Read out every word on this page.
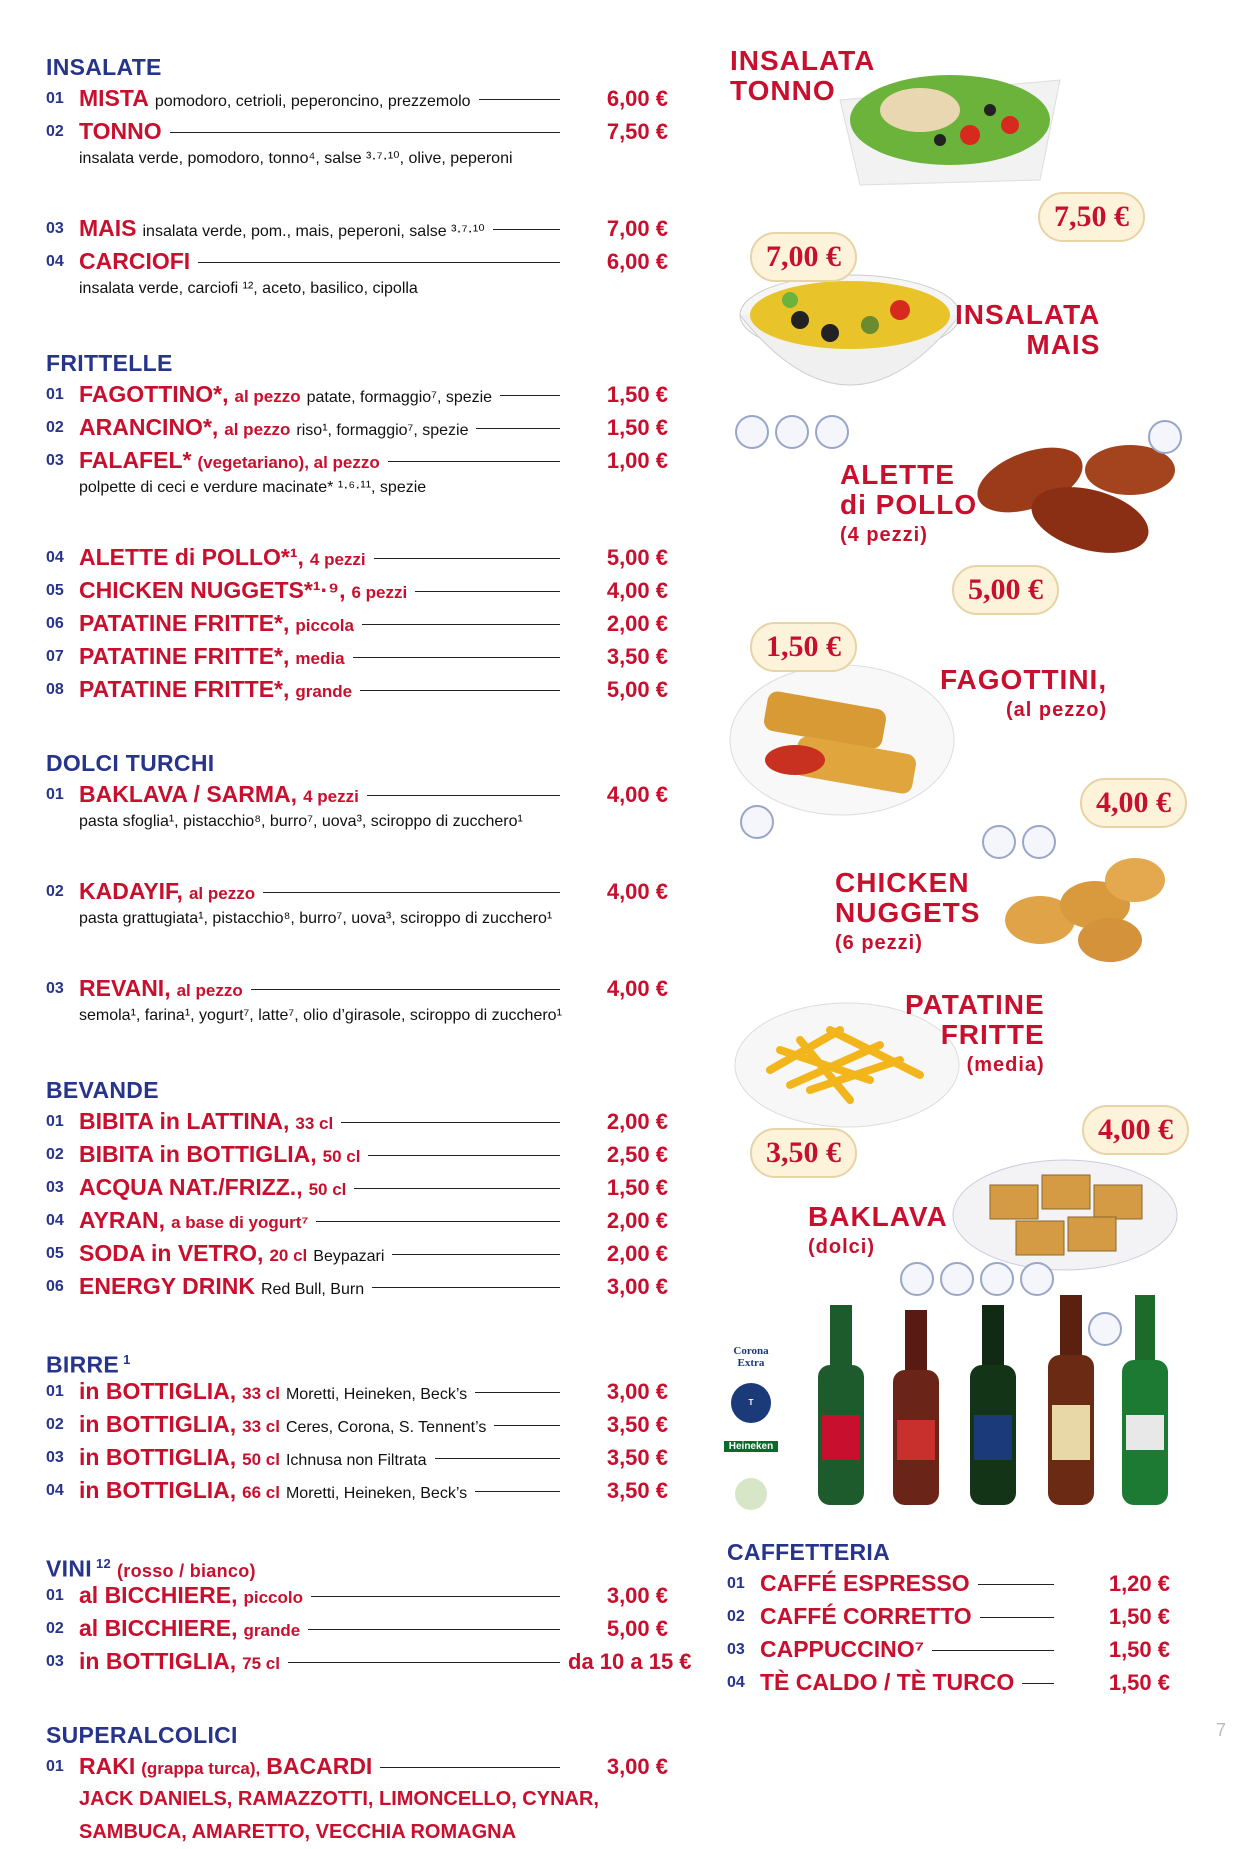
INSALATE
01 MISTA pomodoro, cetrioli, peperoncino, prezzemolo	6,00 €
02 TONNO	7,50 €
insalata verde, pomodoro, tonno⁴, salse ³·⁷·¹⁰, olive, peperoni
03 MAIS insalata verde, pom., mais, peperoni, salse ³·⁷·¹⁰	7,00 €
04 CARCIOFI	6,00 €
insalata verde, carciofi ¹², aceto, basilico, cipolla
FRITTELLE
01 FAGOTTINO*, al pezzo patate, formaggio⁷, spezie	1,50 €
02 ARANCINO*, al pezzo riso¹, formaggio⁷, spezie	1,50 €
03 FALAFEL* (vegetariano), al pezzo	1,00 €
polpette di ceci e verdure macinate* ¹·⁶·¹¹, spezie
04 ALETTE di POLLO*¹, 4 pezzi	5,00 €
05 CHICKEN NUGGETS*¹·⁹, 6 pezzi	4,00 €
06 PATATINE FRITTE*, piccola	2,00 €
07 PATATINE FRITTE*, media	3,50 €
08 PATATINE FRITTE*, grande	5,00 €
DOLCI TURCHI
01 BAKLAVA / SARMA, 4 pezzi	4,00 €
pasta sfoglia¹, pistacchio⁸, burro⁷, uova³, sciroppo di zucchero¹
02 KADAYIF, al pezzo	4,00 €
pasta grattugiata¹, pistacchio⁸, burro⁷, uova³, sciroppo di zucchero¹
03 REVANI, al pezzo	4,00 €
semola¹, farina¹, yogurt⁷, latte⁷, olio d’girasole, sciroppo di zucchero¹
BEVANDE
01 BIBITA in LATTINA, 33 cl	2,00 €
02 BIBITA in BOTTIGLIA, 50 cl	2,50 €
03 ACQUA NAT./FRIZZ., 50 cl	1,50 €
04 AYRAN, a base di yogurt⁷	2,00 €
05 SODA in VETRO, 20 cl Beypazari	2,00 €
06 ENERGY DRINK Red Bull, Burn	3,00 €
BIRRE $^1$
01 in BOTTIGLIA, 33 cl Moretti, Heineken, Beck’s	3,00 €
02 in BOTTIGLIA, 33 cl Ceres, Corona, S. Tennent’s	3,50 €
03 in BOTTIGLIA, 50 cl Ichnusa non Filtrata	3,50 €
04 in BOTTIGLIA, 66 cl Moretti, Heineken, Beck’s	3,50 €
VINI $^{12}$ (rosso / bianco)
01 al BICCHIERE, piccolo	3,00 €
02 al BICCHIERE, grande	5,00 €
03 in BOTTIGLIA, 75 cl	da 10 a 15 €
SUPERALCOLICI
01 RAKI (grappa turca), BACARDI	3,00 €
JACK DANIELS, RAMAZZOTTI, LIMONCELLO, CYNAR,
SAMBUCA, AMARETTO, VECCHIA ROMAGNA
CAFFETTERIA
01 CAFFÉ ESPRESSO	1,20 €
02 CAFFÉ CORRETTO	1,50 €
03 CAPPUCCINO⁷	1,50 €
04 TÈ CALDO / TÈ TURCO	1,50 €
INSALATA
TONNO
7,50 €
7,00 €
INSALATA
MAIS
ALETTE
di POLLO
(4 pezzi)
5,00 €
1,50 €
FAGOTTINI,
(al pezzo)
4,00 €
CHICKEN
NUGGETS
(6 pezzi)
PATATINE
FRITTE
(media)
3,50 €
4,00 €
BAKLAVA
(dolci)
Corona Extra
T
Heineken
7
